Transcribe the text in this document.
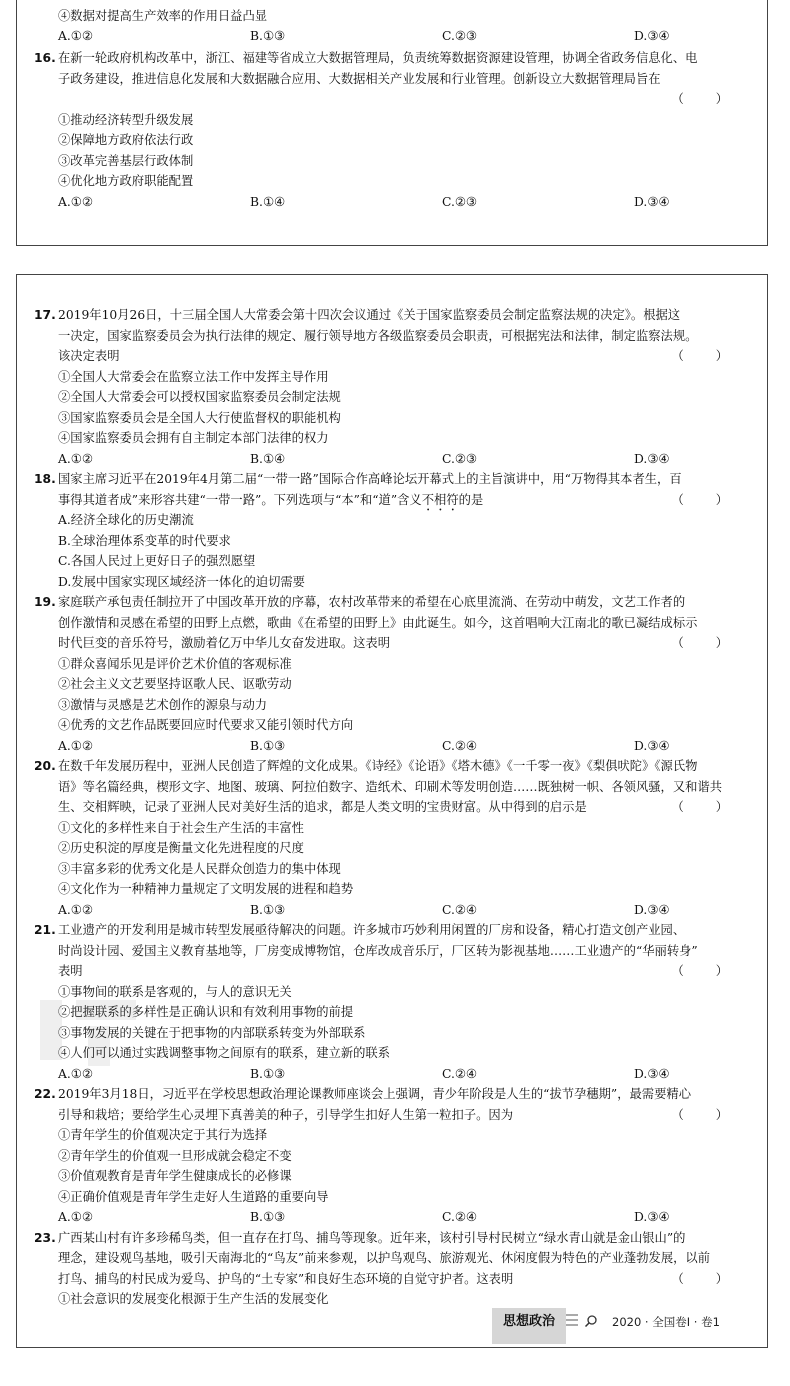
④数据对提高生产效率的作用日益凸显
A.①②	B.①③	C.②③	D.③④
16. 在新一轮政府机构改革中，浙江、福建等省成立大数据管理局，负责统筹数据资源建设管理，协调全省政务信息化、电
子政务建设，推进信息化发展和大数据融合应用、大数据相关产业发展和行业管理。创新设立大数据管理局旨在
（ ）
①推动经济转型升级发展
②保障地方政府依法行政
③改革完善基层行政体制
④优化地方政府职能配置
A.①②	B.①④	C.②③	D.③④
17. 2019年10月26日，十三届全国人大常委会第十四次会议通过《关于国家监察委员会制定监察法规的决定》。根据这
一决定，国家监察委员会为执行法律的规定、履行领导地方各级监察委员会职责，可根据宪法和法律，制定监察法规。
该决定表明	（ ）
①全国人大常委会在监察立法工作中发挥主导作用
②全国人大常委会可以授权国家监察委员会制定法规
③国家监察委员会是全国人大行使监督权的职能机构
④国家监察委员会拥有自主制定本部门法律的权力
A.①②	B.①④	C.②③	D.③④
18. 国家主席习近平在2019年4月第二届“一带一路”国际合作高峰论坛开幕式上的主旨演讲中，用“万物得其本者生，百
事得其道者成”来形容共建“一带一路”。下列选项与“本”和“道”含义不相符的是	（ ）
A.经济全球化的历史潮流
B.全球治理体系变革的时代要求
C.各国人民过上更好日子的强烈愿望
D.发展中国家实现区域经济一体化的迫切需要
19. 家庭联产承包责任制拉开了中国改革开放的序幕，农村改革带来的希望在心底里流淌、在劳动中萌发，文艺工作者的
创作激情和灵感在希望的田野上点燃，歌曲《在希望的田野上》由此诞生。如今，这首唱响大江南北的歌已凝结成标示
时代巨变的音乐符号，激励着亿万中华儿女奋发进取。这表明	（ ）
①群众喜闻乐见是评价艺术价值的客观标准
②社会主义文艺要坚持讴歌人民、讴歌劳动
③激情与灵感是艺术创作的源泉与动力
④优秀的文艺作品既要回应时代要求又能引领时代方向
A.①②	B.①③	C.②④	D.③④
20. 在数千年发展历程中，亚洲人民创造了辉煌的文化成果。《诗经》《论语》《塔木德》《一千零一夜》《梨俱吠陀》《源氏物
语》等名篇经典，楔形文字、地图、玻璃、阿拉伯数字、造纸术、印刷术等发明创造……既独树一帜、各领风骚，又和谐共
生、交相辉映，记录了亚洲人民对美好生活的追求，都是人类文明的宝贵财富。从中得到的启示是	（ ）
①文化的多样性来自于社会生产生活的丰富性
②历史积淀的厚度是衡量文化先进程度的尺度
③丰富多彩的优秀文化是人民群众创造力的集中体现
④文化作为一种精神力量规定了文明发展的进程和趋势
A.①②	B.①③	C.②④	D.③④
21. 工业遗产的开发利用是城市转型发展亟待解决的问题。许多城市巧妙利用闲置的厂房和设备，精心打造文创产业园、
时尚设计园、爱国主义教育基地等，厂房变成博物馆，仓库改成音乐厅，厂区转为影视基地……工业遗产的“华丽转身”
表明	（ ）
①事物间的联系是客观的，与人的意识无关
②把握联系的多样性是正确认识和有效利用事物的前提
③事物发展的关键在于把事物的内部联系转变为外部联系
④人们可以通过实践调整事物之间原有的联系，建立新的联系
A.①②	B.①③	C.②④	D.③④
22. 2019年3月18日，习近平在学校思想政治理论课教师座谈会上强调，青少年阶段是人生的“拔节孕穗期”，最需要精心
引导和栽培；要给学生心灵埋下真善美的种子，引导学生扣好人生第一粒扣子。因为	（ ）
①青年学生的价值观决定于其行为选择
②青年学生的价值观一旦形成就会稳定不变
③价值观教育是青年学生健康成长的必修课
④正确价值观是青年学生走好人生道路的重要向导
A.①②	B.①③	C.②④	D.③④
23. 广西某山村有许多珍稀鸟类，但一直存在打鸟、捕鸟等现象。近年来，该村引导村民树立“绿水青山就是金山银山”的
理念，建设观鸟基地，吸引天南海北的“鸟友”前来参观，以护鸟观鸟、旅游观光、休闲度假为特色的产业蓬勃发展，以前
打鸟、捕鸟的村民成为爱鸟、护鸟的“土专家”和良好生态环境的自觉守护者。这表明	（ ）
①社会意识的发展变化根源于生产生活的发展变化
思想政治	2020 · 全国卷Ⅰ · 卷1
